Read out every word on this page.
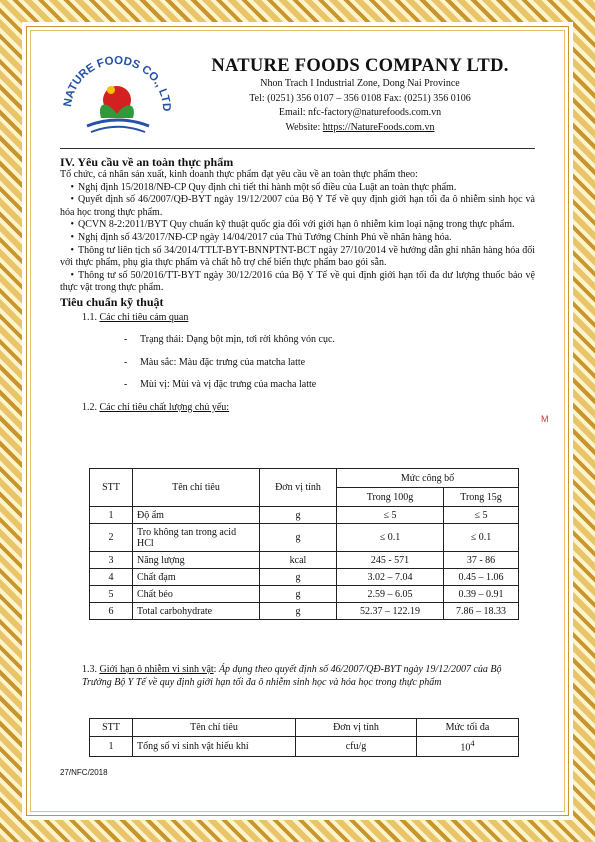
NATURE FOODS CO., LTD
NATURE FOODS COMPANY LTD.
Nhon Trach I Industrial Zone, Dong Nai Province
Tel: (0251) 356 0107 – 356 0108 Fax: (0251) 356 0106
Email: nfc-factory@naturefoods.com.vn
Website: https://NatureFoods.com.vn
IV. Yêu cầu về an toàn thực phẩm
Tổ chức, cá nhân sản xuất, kinh doanh thực phẩm đạt yêu cầu về an toàn thực phẩm theo:
• Nghị định 15/2018/NĐ-CP Quy định chi tiết thi hành một số điều của Luật an toàn thực phẩm.
• Quyết định số 46/2007/QĐ-BYT ngày 19/12/2007 của Bộ Y Tế về quy định giới hạn tối đa ô nhiễm sinh học và hóa học trong thực phẩm.
• QCVN 8-2:2011/BYT Quy chuẩn kỹ thuật quốc gia đối với giới hạn ô nhiễm kim loại nặng trong thực phẩm.
• Nghị định số 43/2017/NĐ-CP ngày 14/04/2017 của Thủ Tướng Chính Phủ về nhãn hàng hóa.
• Thông tư liên tịch số 34/2014/TTLT-BYT-BNNPTNT-BCT ngày 27/10/2014 về hướng dẫn ghi nhãn hàng hóa đối với thực phẩm, phụ gia thực phẩm và chất hỗ trợ chế biến thực phẩm bao gói sẵn.
• Thông tư số 50/2016/TT-BYT ngày 30/12/2016 của Bộ Y Tế về qui định giới hạn tối đa dư lượng thuốc bảo vệ thực vật trong thực phẩm.
Tiêu chuẩn kỹ thuật
1.1. Các chỉ tiêu cảm quan
- Trạng thái: Dạng bột mịn, tơi rời không vón cục.
- Màu sắc: Màu đặc trưng của matcha latte
- Mùi vị: Mùi và vị đặc trưng của macha latte
1.2. Các chỉ tiêu chất lượng chủ yếu:
STT	Tên chỉ tiêu	Đơn vị tính	Mức công bố	
			Trong 100g	Trong 15g
1	Độ ẩm	g	≤ 5	≤ 5
2	Tro không tan trong acid HCl	g	≤ 0.1	≤ 0.1
3	Năng lượng	kcal	245 - 571	37 - 86
4	Chất đạm	g	3.02 – 7.04	0.45 – 1.06
5	Chất béo	g	2.59 – 6.05	0.39 – 0.91
6	Total carbohydrate	g	52.37 – 122.19	7.86 – 18.33
1.3. Giới hạn ô nhiễm vi sinh vật: Áp dụng theo quyết định số 46/2007/QĐ-BYT ngày 19/12/2007 của Bộ Trưởng Bộ Y Tế về quy định giới hạn tối đa ô nhiễm sinh học và hóa học trong thực phẩm
STT	Tên chỉ tiêu	Đơn vị tính	Mức tối đa
1	Tổng số vi sinh vật hiếu khí	cfu/g	$10^4$
27/NFC/2018
M
